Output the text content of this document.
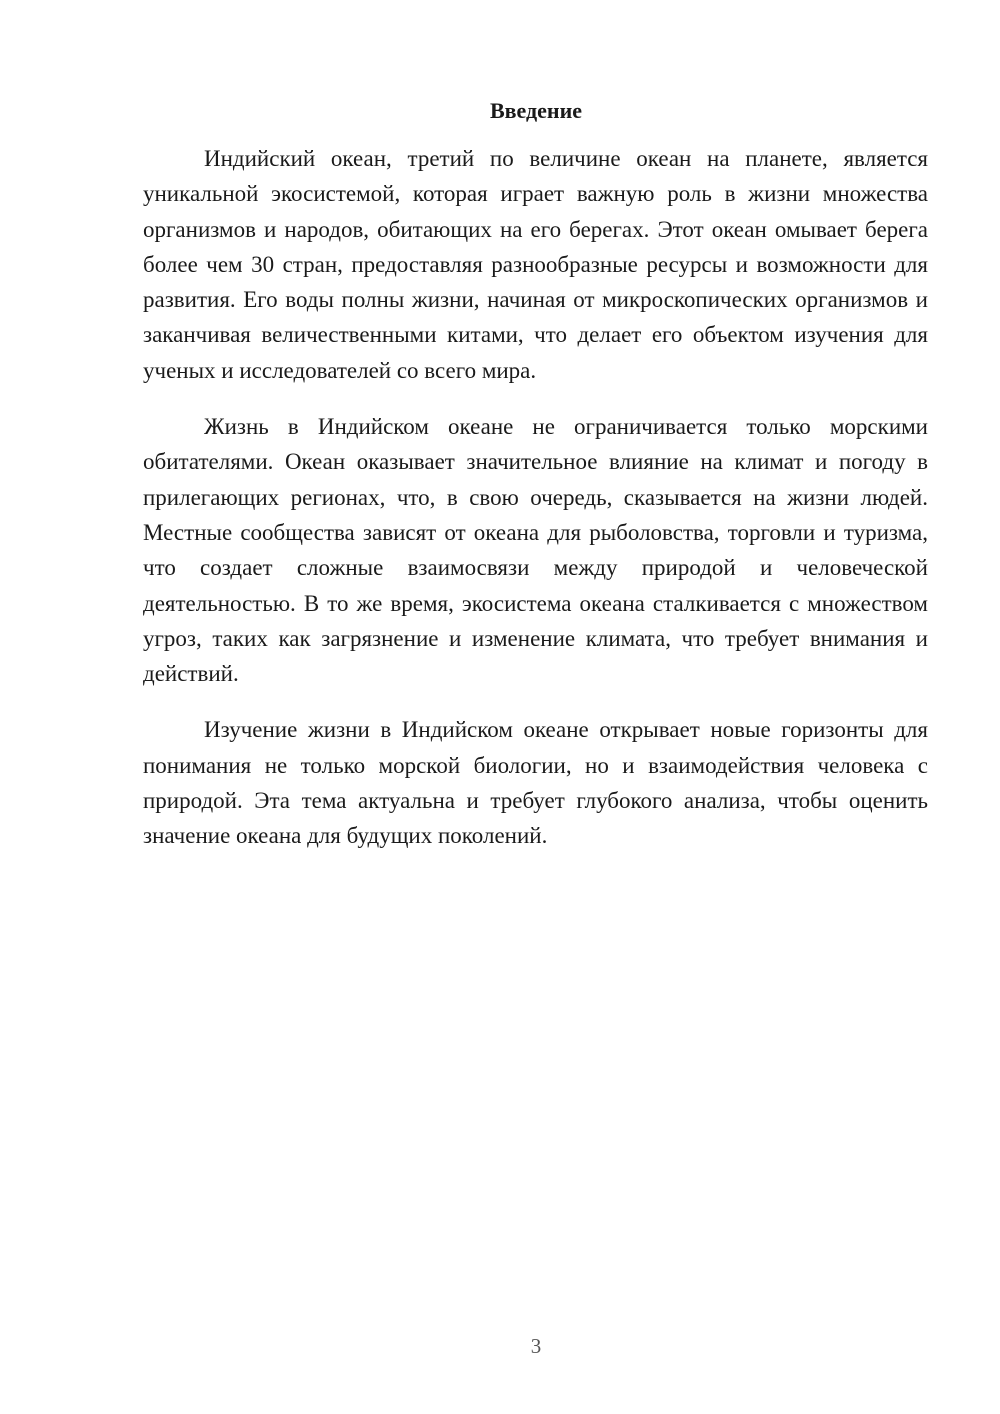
Введение

Индийский океан, третий по величине океан на планете, является уникальной экосистемой, которая играет важную роль в жизни множества организмов и народов, обитающих на его берегах. Этот океан омывает берега более чем 30 стран, предоставляя разнообразные ресурсы и возможности для развития. Его воды полны жизни, начиная от микроскопических организмов и заканчивая величественными китами, что делает его объектом изучения для ученых и исследователей со всего мира.

Жизнь в Индийском океане не ограничивается только морскими обитателями. Океан оказывает значительное влияние на климат и погоду в прилегающих регионах, что, в свою очередь, сказывается на жизни людей. Местные сообщества зависят от океана для рыболовства, торговли и туризма, что создает сложные взаимосвязи между природой и человеческой деятельностью. В то же время, экосистема океана сталкивается с множеством угроз, таких как загрязнение и изменение климата, что требует внимания и действий.

Изучение жизни в Индийском океане открывает новые горизонты для понимания не только морской биологии, но и взаимодействия человека с природой. Эта тема актуальна и требует глубокого анализа, чтобы оценить значение океана для будущих поколений.

3
